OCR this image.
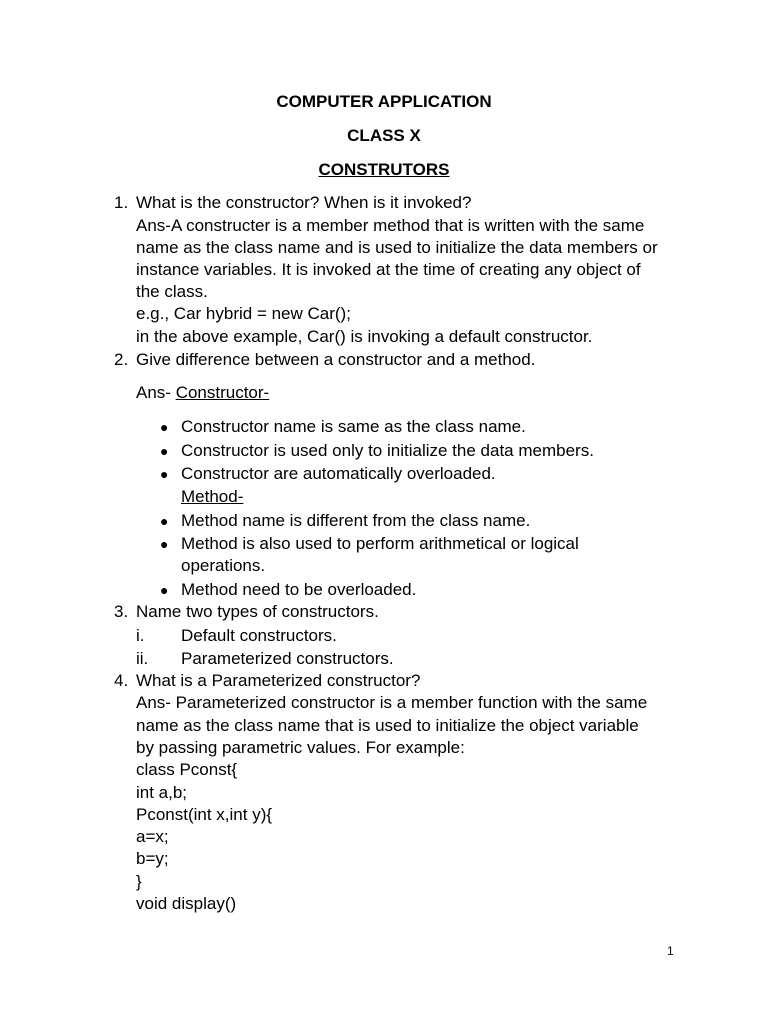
COMPUTER APPLICATION

CLASS X

CONSTRUTORS

1. What is the constructor? When is it invoked?
Ans-A constructer is a member method that is written with the same
name as the class name and is used to initialize the data members or
instance variables. It is invoked at the time of creating any object of
the class.
e.g., Car hybrid = new Car();
in the above example, Car() is invoking a default constructor.
2. Give difference between a constructor and a method.
Ans- Constructor-
● Constructor name is same as the class name.
● Constructor is used only to initialize the data members.
● Constructor are automatically overloaded.
Method-
● Method name is different from the class name.
● Method is also used to perform arithmetical or logical
operations.
● Method need to be overloaded.
3. Name two types of constructors.
i. Default constructors.
ii. Parameterized constructors.
4. What is a Parameterized constructor?
Ans- Parameterized constructor is a member function with the same
name as the class name that is used to initialize the object variable
by passing parametric values. For example:
class Pconst{
int a,b;
Pconst(int x,int y){
a=x;
b=y;
}
void display()
1
